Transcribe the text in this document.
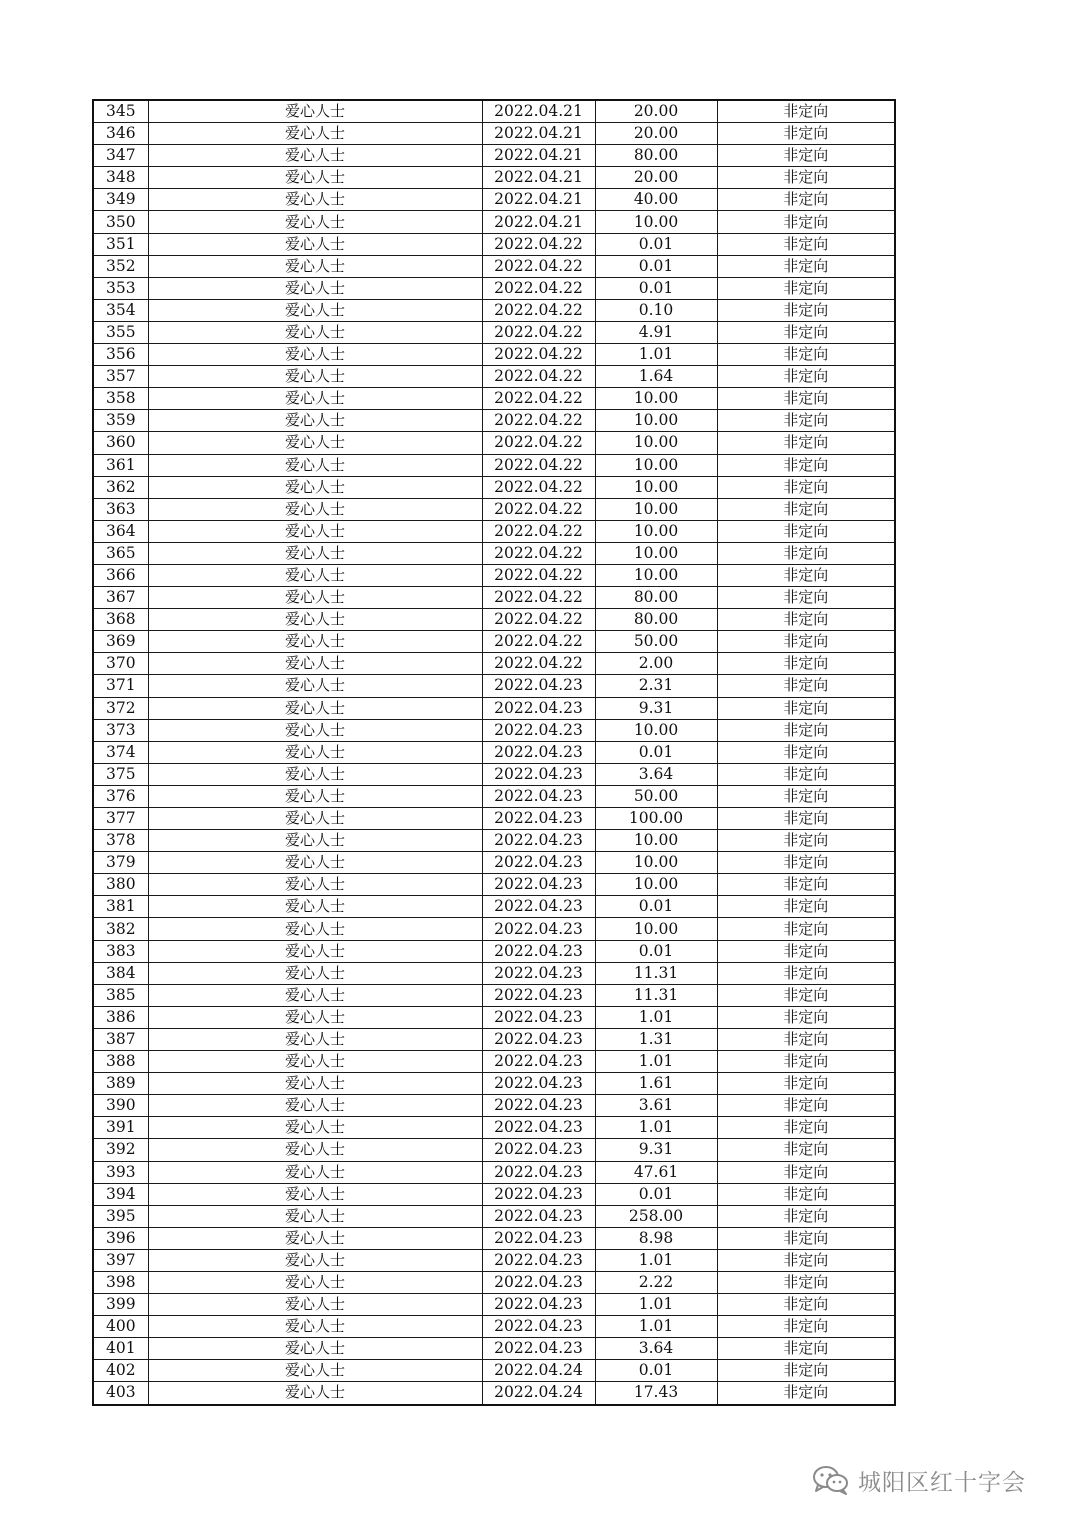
345	爱心人士	2022.04.21	20.00	非定向
346	爱心人士	2022.04.21	20.00	非定向
347	爱心人士	2022.04.21	80.00	非定向
348	爱心人士	2022.04.21	20.00	非定向
349	爱心人士	2022.04.21	40.00	非定向
350	爱心人士	2022.04.21	10.00	非定向
351	爱心人士	2022.04.22	0.01	非定向
352	爱心人士	2022.04.22	0.01	非定向
353	爱心人士	2022.04.22	0.01	非定向
354	爱心人士	2022.04.22	0.10	非定向
355	爱心人士	2022.04.22	4.91	非定向
356	爱心人士	2022.04.22	1.01	非定向
357	爱心人士	2022.04.22	1.64	非定向
358	爱心人士	2022.04.22	10.00	非定向
359	爱心人士	2022.04.22	10.00	非定向
360	爱心人士	2022.04.22	10.00	非定向
361	爱心人士	2022.04.22	10.00	非定向
362	爱心人士	2022.04.22	10.00	非定向
363	爱心人士	2022.04.22	10.00	非定向
364	爱心人士	2022.04.22	10.00	非定向
365	爱心人士	2022.04.22	10.00	非定向
366	爱心人士	2022.04.22	10.00	非定向
367	爱心人士	2022.04.22	80.00	非定向
368	爱心人士	2022.04.22	80.00	非定向
369	爱心人士	2022.04.22	50.00	非定向
370	爱心人士	2022.04.22	2.00	非定向
371	爱心人士	2022.04.23	2.31	非定向
372	爱心人士	2022.04.23	9.31	非定向
373	爱心人士	2022.04.23	10.00	非定向
374	爱心人士	2022.04.23	0.01	非定向
375	爱心人士	2022.04.23	3.64	非定向
376	爱心人士	2022.04.23	50.00	非定向
377	爱心人士	2022.04.23	100.00	非定向
378	爱心人士	2022.04.23	10.00	非定向
379	爱心人士	2022.04.23	10.00	非定向
380	爱心人士	2022.04.23	10.00	非定向
381	爱心人士	2022.04.23	0.01	非定向
382	爱心人士	2022.04.23	10.00	非定向
383	爱心人士	2022.04.23	0.01	非定向
384	爱心人士	2022.04.23	11.31	非定向
385	爱心人士	2022.04.23	11.31	非定向
386	爱心人士	2022.04.23	1.01	非定向
387	爱心人士	2022.04.23	1.31	非定向
388	爱心人士	2022.04.23	1.01	非定向
389	爱心人士	2022.04.23	1.61	非定向
390	爱心人士	2022.04.23	3.61	非定向
391	爱心人士	2022.04.23	1.01	非定向
392	爱心人士	2022.04.23	9.31	非定向
393	爱心人士	2022.04.23	47.61	非定向
394	爱心人士	2022.04.23	0.01	非定向
395	爱心人士	2022.04.23	258.00	非定向
396	爱心人士	2022.04.23	8.98	非定向
397	爱心人士	2022.04.23	1.01	非定向
398	爱心人士	2022.04.23	2.22	非定向
399	爱心人士	2022.04.23	1.01	非定向
400	爱心人士	2022.04.23	1.01	非定向
401	爱心人士	2022.04.23	3.64	非定向
402	爱心人士	2022.04.24	0.01	非定向
403	爱心人士	2022.04.24	17.43	非定向
城阳区红十字会
